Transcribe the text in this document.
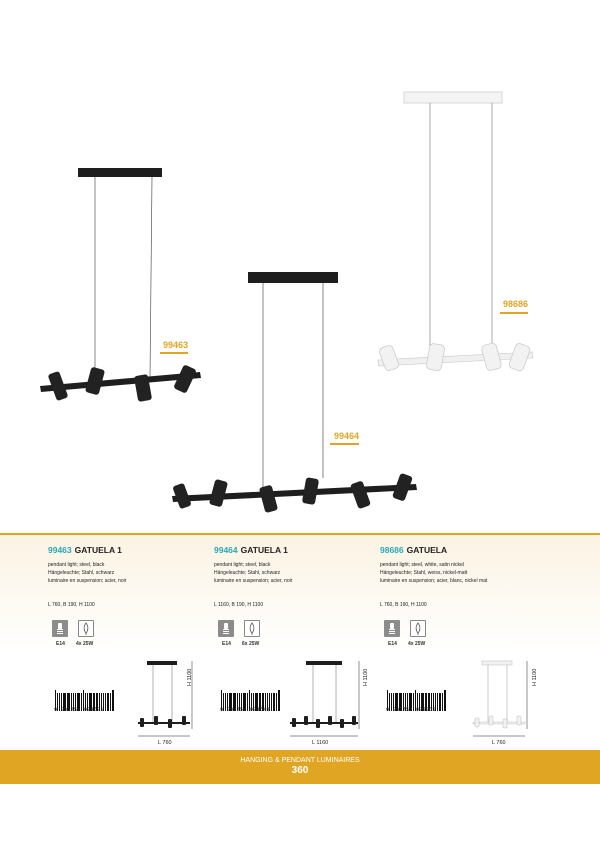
99463
99464
98686
99463 GATUELA 1
pendant light; steel, black
Hängeleuchte; Stahl, schwarz
luminaire en suspension; acier, noir
L 760, B 190, H 1100
99464 GATUELA 1
pendant light; steel, black
Hängeleuchte; Stahl, schwarz
luminaire en suspension; acier, noir
L 1160, B 190, H 1100
98686 GATUELA
pendant light; steel, white, satin nickel
Hängeleuchte; Stahl, weiss, nickel-matt
luminaire en suspension; acier, blanc, nickel mat
L 760, B 190, H 1100
E14 4x 25W	E14 6x 25W	E14 4x 25W
9 002759 994631	9 002759 994648	9 002759 986865
L 760
H 1100
L 1160
H 1100
L 760
H 1100
HANGING & PENDANT LUMINAIRES
360
